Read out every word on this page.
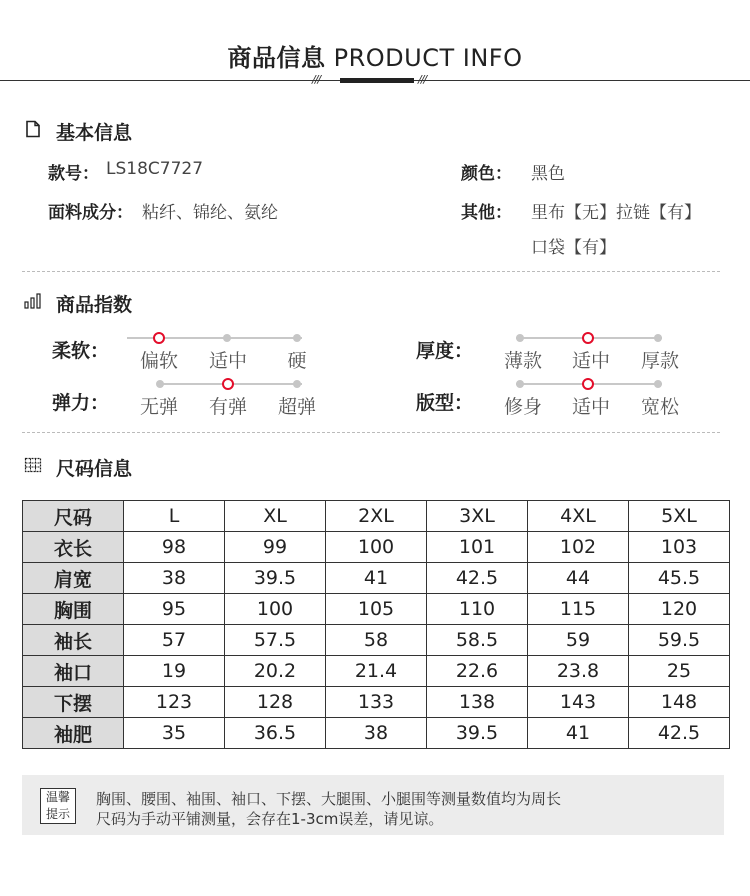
商品信息 PRODUCT INFO
///	///
基本信息
款号： LS18C7727	颜色： 黑色
面料成分： 粘纤、锦纶、氨纶	其他： 里布【无】拉链【有】
口袋【有】
商品指数
柔软：	偏软	适中	硬	厚度：	薄款	适中	厚款
弹力：	无弹	有弹	超弹	版型：	修身	适中	宽松
尺码信息
尺码	L	XL	2XL	3XL	4XL	5XL
衣长	98	99	100	101	102	103
肩宽	38	39.5	41	42.5	44	45.5
胸围	95	100	105	110	115	120
袖长	57	57.5	58	58.5	59	59.5
袖口	19	20.2	21.4	22.6	23.8	25
下摆	123	128	133	138	143	148
袖肥	35	36.5	38	39.5	41	42.5
温馨
提示
胸围、腰围、袖围、袖口、下摆、大腿围、小腿围等测量数值均为周长
尺码为手动平铺测量，会存在1-3cm误差，请见谅。
